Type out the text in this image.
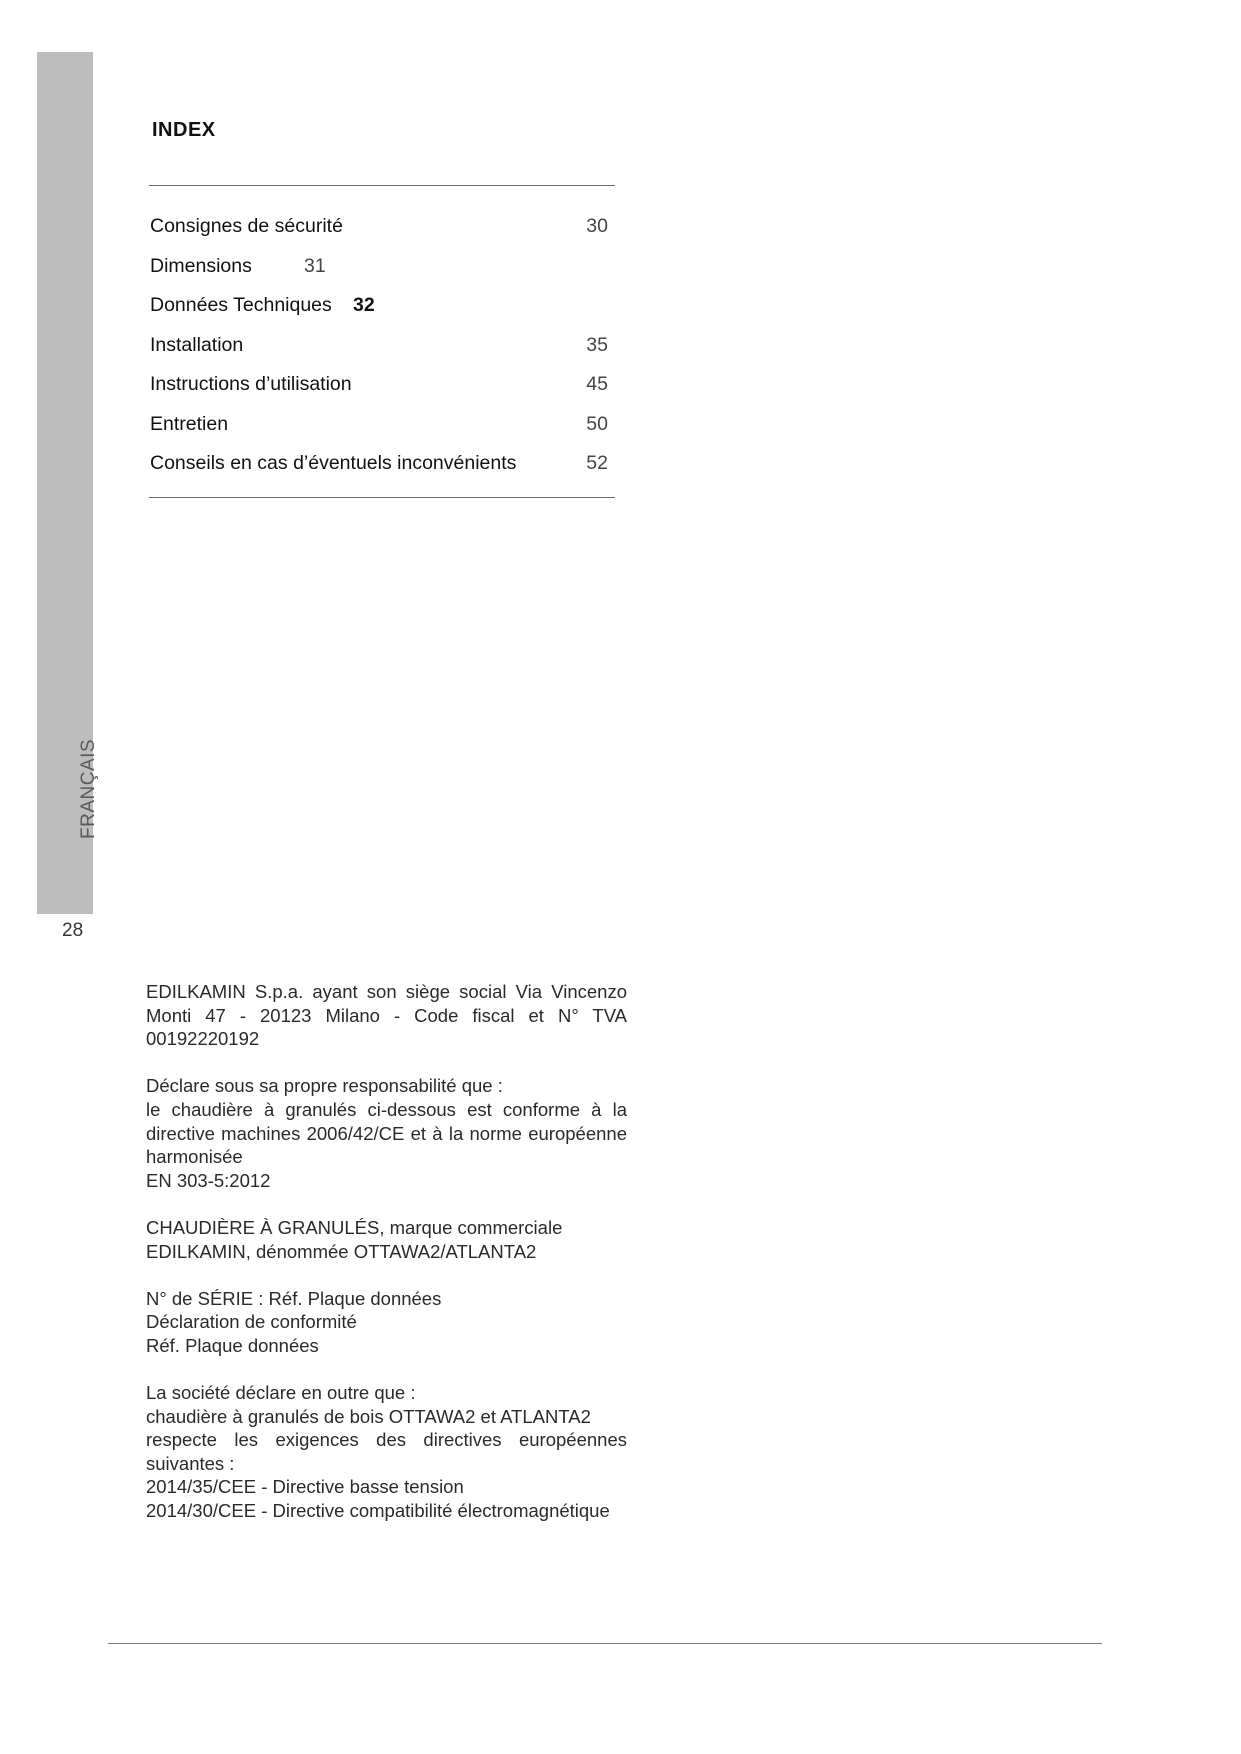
FRANÇAIS
28
INDEX
Consignes de sécurité	30
Dimensions	31
Données Techniques 32
Installation	35
Instructions d’utilisation	45
Entretien	50
Conseils en cas d’éventuels inconvénients	52

EDILKAMIN S.p.a. ayant son siège social Via Vincenzo Monti 47 - 20123 Milano - Code fiscal et N° TVA 00192220192

Déclare sous sa propre responsabilité que :
le chaudière à granulés ci-dessous est conforme à la directive machines 2006/42/CE et à la norme européenne harmonisée
EN 303-5:2012

CHAUDIÈRE À GRANULÉS, marque commerciale
EDILKAMIN, dénommée OTTAWA2/ATLANTA2

N° de SÉRIE : Réf. Plaque données
Déclaration de conformité
Réf. Plaque données

La société déclare en outre que :
chaudière à granulés de bois OTTAWA2 et ATLANTA2
respecte les exigences des directives européennes suivantes :
2014/35/CEE - Directive basse tension
2014/30/CEE - Directive compatibilité électromagnétique
